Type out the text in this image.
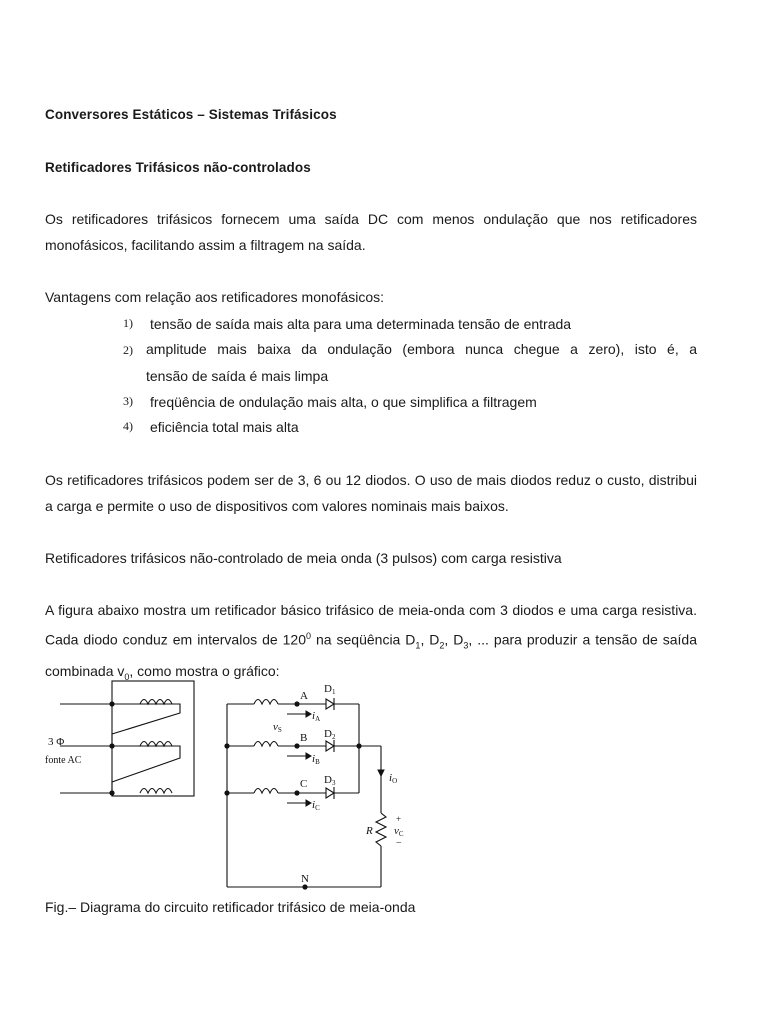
Conversores Estáticos – Sistemas Trifásicos
Retificadores Trifásicos não-controlados
Os retificadores trifásicos fornecem uma saída DC com menos ondulação que nos retificadores monofásicos, facilitando assim a filtragem na saída.
Vantagens com relação aos retificadores monofásicos:
1) tensão de saída mais alta para uma determinada tensão de entrada
2) amplitude mais baixa da ondulação (embora nunca chegue a zero), isto é, a
tensão de saída é mais limpa
3) freqüência de ondulação mais alta, o que simplifica a filtragem
4) eficiência total mais alta
Os retificadores trifásicos podem ser de 3, 6 ou 12 diodos. O uso de mais diodos reduz o custo, distribui a carga e permite o uso de dispositivos com valores nominais mais baixos.
Retificadores trifásicos não-controlado de meia onda (3 pulsos) com carga resistiva
A figura abaixo mostra um retificador básico trifásico de meia-onda com 3 diodos e uma carga resistiva. Cada diodo conduz em intervalos de $120^0$ na seqüência $D_1$, $D_2$, $D_3$, ... para produzir a tensão de saída combinada $v_0$, como mostra o gráfico:
Fig.– Diagrama do circuito retificador trifásico de meia-onda
3 Φ
fonte AC
A
B
C
N
D1
D2
D3
iA
iB
iC
vS
iO
R
+
vC
−
